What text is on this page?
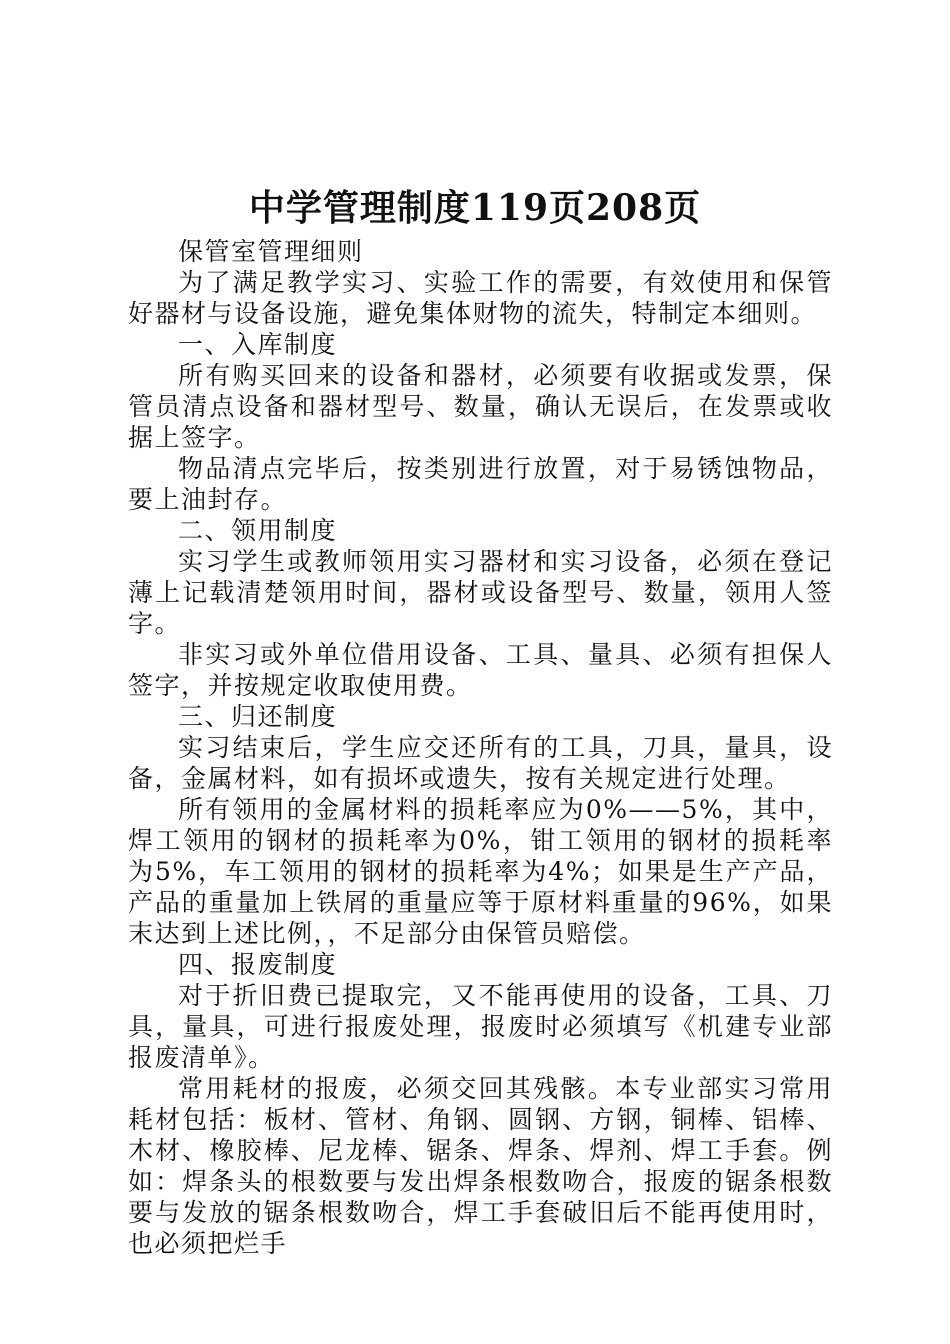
中学管理制度119页208页

保管室管理细则

为了满足教学实习、实验工作的需要，有效使用和保管好器材与设备设施，避免集体财物的流失，特制定本细则。

一、入库制度

所有购买回来的设备和器材，必须要有收据或发票，保管员清点设备和器材型号、数量，确认无误后，在发票或收据上签字。

物品清点完毕后，按类别进行放置，对于易锈蚀物品，要上油封存。

二、领用制度

实习学生或教师领用实习器材和实习设备，必须在登记薄上记载清楚领用时间，器材或设备型号、数量，领用人签字。

非实习或外单位借用设备、工具、量具、必须有担保人签字，并按规定收取使用费。

三、归还制度

实习结束后，学生应交还所有的工具，刀具，量具，设备，金属材料，如有损坏或遗失，按有关规定进行处理。

所有领用的金属材料的损耗率应为0%——5%，其中，焊工领用的钢材的损耗率为0%，钳工领用的钢材的损耗率为5%，车工领用的钢材的损耗率为4%；如果是生产产品，产品的重量加上铁屑的重量应等于原材料重量的96%，如果末达到上述比例，，不足部分由保管员赔偿。

四、报废制度

对于折旧费已提取完，又不能再使用的设备，工具、刀具，量具，可进行报废处理，报废时必须填写《机建专业部报废清单》。

常用耗材的报废，必须交回其残骸。本专业部实习常用耗材包括：板材、管材、角钢、圆钢、方钢，铜棒、铝棒、木材、橡胶棒、尼龙棒、锯条、焊条、焊剂、焊工手套。例如：焊条头的根数要与发出焊条根数吻合，报废的锯条根数要与发放的锯条根数吻合，焊工手套破旧后不能再使用时，也必须把烂手
